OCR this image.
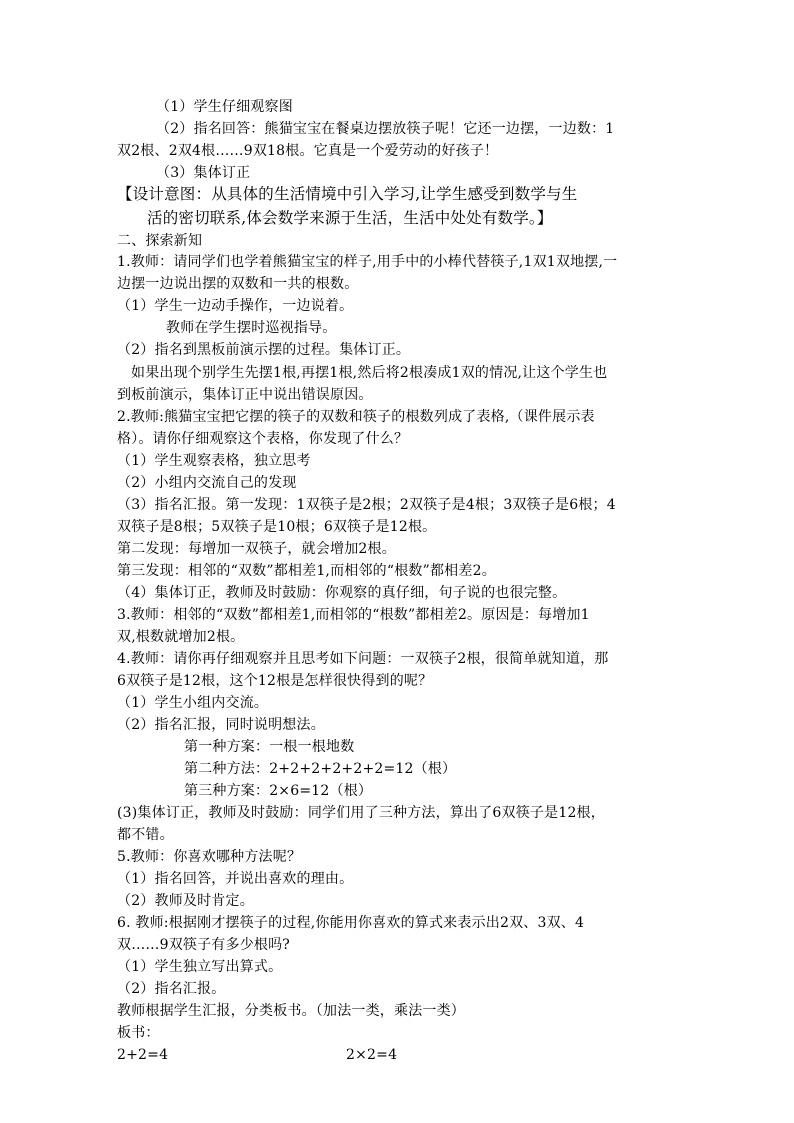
（1）学生仔细观察图
（2）指名回答：熊猫宝宝在餐桌边摆放筷子呢！它还一边摆，一边数：1
双2根、2双4根……9双18根。它真是一个爱劳动的好孩子！
（3）集体订正
【设计意图：从具体的生活情境中引入学习,让学生感受到数学与生
活的密切联系,体会数学来源于生活，生活中处处有数学。】
二、探索新知
1.教师：请同学们也学着熊猫宝宝的样子,用手中的小棒代替筷子,1双1双地摆,一
边摆一边说出摆的双数和一共的根数。
（1）学生一边动手操作，一边说着。
教师在学生摆时巡视指导。
（2）指名到黑板前演示摆的过程。集体订正。
如果出现个别学生先摆1根,再摆1根,然后将2根凑成1双的情况,让这个学生也
到板前演示，集体订正中说出错误原因。
2.教师:熊猫宝宝把它摆的筷子的双数和筷子的根数列成了表格,（课件展示表
格）。请你仔细观察这个表格，你发现了什么？
（1）学生观察表格，独立思考
（2）小组内交流自己的发现
（3）指名汇报。第一发现：1双筷子是2根；2双筷子是4根；3双筷子是6根；4
双筷子是8根；5双筷子是10根；6双筷子是12根。
第二发现：每增加一双筷子，就会增加2根。
第三发现：相邻的“双数”都相差1,而相邻的“根数”都相差2。
（4）集体订正，教师及时鼓励：你观察的真仔细，句子说的也很完整。
3.教师：相邻的“双数”都相差1,而相邻的“根数”都相差2。原因是：每增加1
双,根数就增加2根。
4.教师：请你再仔细观察并且思考如下问题：一双筷子2根，很简单就知道，那
6双筷子是12根，这个12根是怎样很快得到的呢？
（1）学生小组内交流。
（2）指名汇报，同时说明想法。
第一种方案：一根一根地数
第二种方法：2+2+2+2+2+2=12（根）
第三种方案：2×6=12（根）
(3)集体订正，教师及时鼓励：同学们用了三种方法，算出了6双筷子是12根，
都不错。
5.教师：你喜欢哪种方法呢？
（1）指名回答，并说出喜欢的理由。
（2）教师及时肯定。
6. 教师:根据刚才摆筷子的过程,你能用你喜欢的算式来表示出2双、3双、4
双……9双筷子有多少根吗?
（1）学生独立写出算式。
（2）指名汇报。
教师根据学生汇报，分类板书。（加法一类，乘法一类）
板书：
2+2=4	2×2=4
